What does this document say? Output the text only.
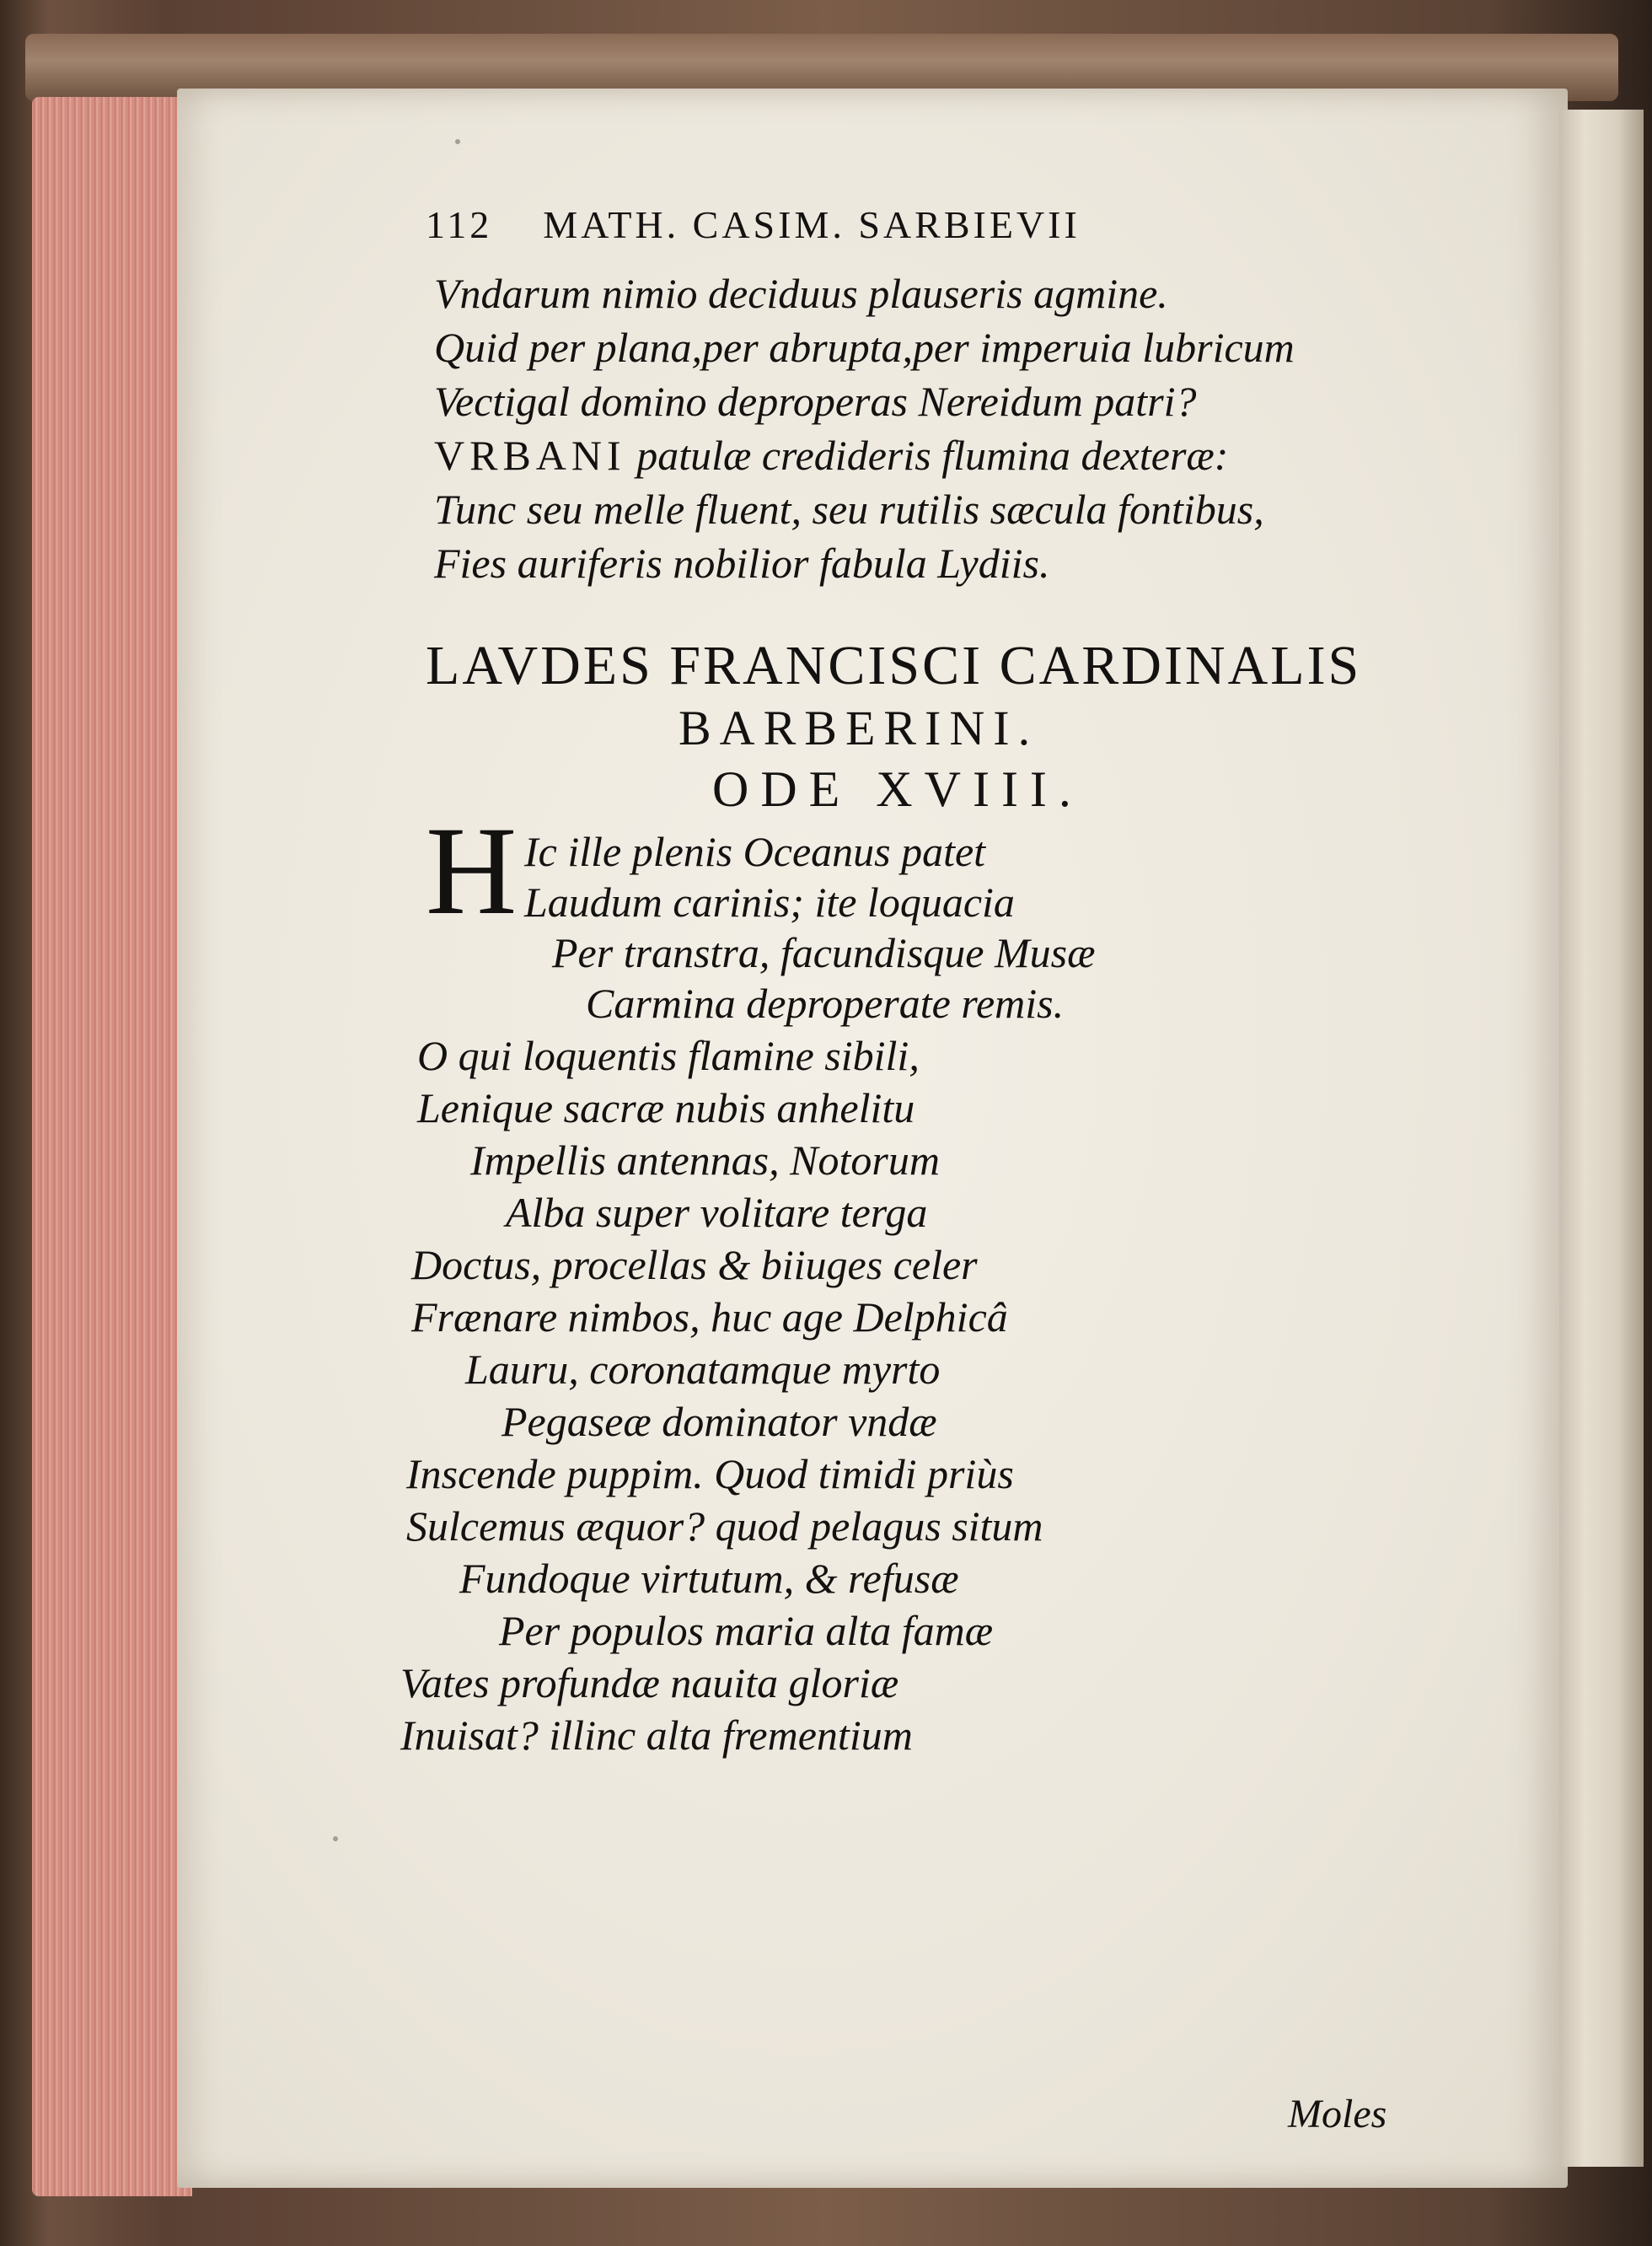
112 MATH. CASIM. SARBIEVII
Vndarum nimio deciduus plauseris agmine.
Quid per plana,per abrupta,per imperuia lubricum
Vectigal domino deproperas Nereidum patri?
VRBANI patulæ credideris flumina dexteræ:
Tunc seu melle fluent, seu rutilis sæcula fontibus,
Fies auriferis nobilior fabula Lydiis.
LAVDES FRANCISCI CARDINALIS
BARBERINI.
ODE XVIII.
H Ic ille plenis Oceanus patet
Laudum carinis; ite loquacia
Per transtra, facundisque Musæ
Carmina deproperate remis.
O qui loquentis flamine sibili,
Lenique sacræ nubis anhelitu
Impellis antennas, Notorum
Alba super volitare terga
Doctus, procellas & biiuges celer
Frænare nimbos, huc age Delphicâ
Lauru, coronatamque myrto
Pegaseæ dominator vndæ
Inscende puppim. Quod timidi priùs
Sulcemus æquor? quod pelagus situm
Fundoque virtutum, & refusæ
Per populos maria alta famæ
Vates profundæ nauita gloriæ
Inuisat? illinc alta frementium
Moles
